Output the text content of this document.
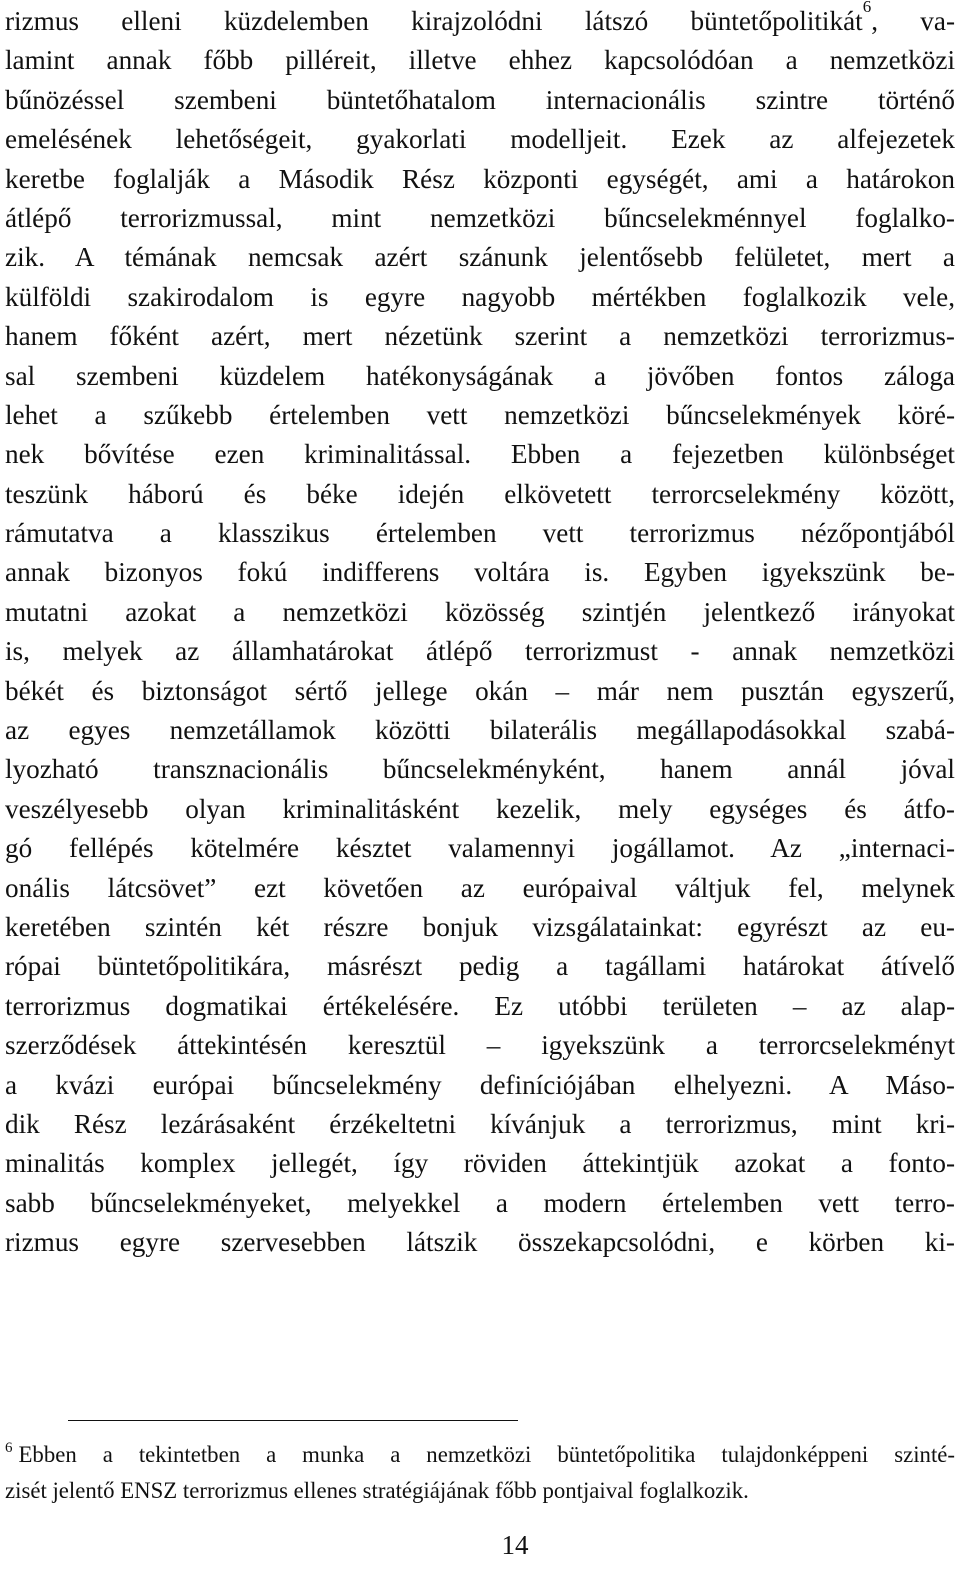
rizmus elleni küzdelemben kirajzolódni látszó büntetőpolitikát$^6$, va-
lamint annak főbb pilléreit, illetve ehhez kapcsolódóan a nemzetközi
bűnözéssel szembeni büntetőhatalom internacionális szintre történő
emelésének lehetőségeit, gyakorlati modelljeit. Ezek az alfejezetek
keretbe foglalják a Második Rész központi egységét, ami a határokon
átlépő terrorizmussal, mint nemzetközi bűncselekménnyel foglalko-
zik. A témának nemcsak azért szánunk jelentősebb felületet, mert a
külföldi szakirodalom is egyre nagyobb mértékben foglalkozik vele,
hanem főként azért, mert nézetünk szerint a nemzetközi terrorizmus-
sal szembeni küzdelem hatékonyságának a jövőben fontos záloga
lehet a szűkebb értelemben vett nemzetközi bűncselekmények köré-
nek bővítése ezen kriminalitással. Ebben a fejezetben különbséget
teszünk háború és béke idején elkövetett terrorcselekmény között,
rámutatva a klasszikus értelemben vett terrorizmus nézőpontjából
annak bizonyos fokú indifferens voltára is. Egyben igyekszünk be-
mutatni azokat a nemzetközi közösség szintjén jelentkező irányokat
is, melyek az államhatárokat átlépő terrorizmust - annak nemzetközi
békét és biztonságot sértő jellege okán – már nem pusztán egyszerű,
az egyes nemzetállamok közötti bilaterális megállapodásokkal szabá-
lyozható transznacionális bűncselekményként, hanem annál jóval
veszélyesebb olyan kriminalitásként kezelik, mely egységes és átfo-
gó fellépés kötelmére késztet valamennyi jogállamot. Az „internaci-
onális látcsövet” ezt követően az európaival váltjuk fel, melynek
keretében szintén két részre bonjuk vizsgálatainkat: egyrészt az eu-
rópai büntetőpolitikára, másrészt pedig a tagállami határokat átívelő
terrorizmus dogmatikai értékelésére. Ez utóbbi területen – az alap-
szerződések áttekintésén keresztül – igyekszünk a terrorcselekményt
a kvázi európai bűncselekmény definíciójában elhelyezni. A Máso-
dik Rész lezárásaként érzékeltetni kívánjuk a terrorizmus, mint kri-
minalitás komplex jellegét, így röviden áttekintjük azokat a fonto-
sabb bűncselekményeket, melyekkel a modern értelemben vett terro-
rizmus egyre szervesebben látszik összekapcsolódni, e körben ki-
$^6$ Ebben a tekintetben a munka a nemzetközi büntetőpolitika tulajdonképpeni szinté-
zisét jelentő ENSZ terrorizmus ellenes stratégiájának főbb pontjaival foglalkozik.
14
